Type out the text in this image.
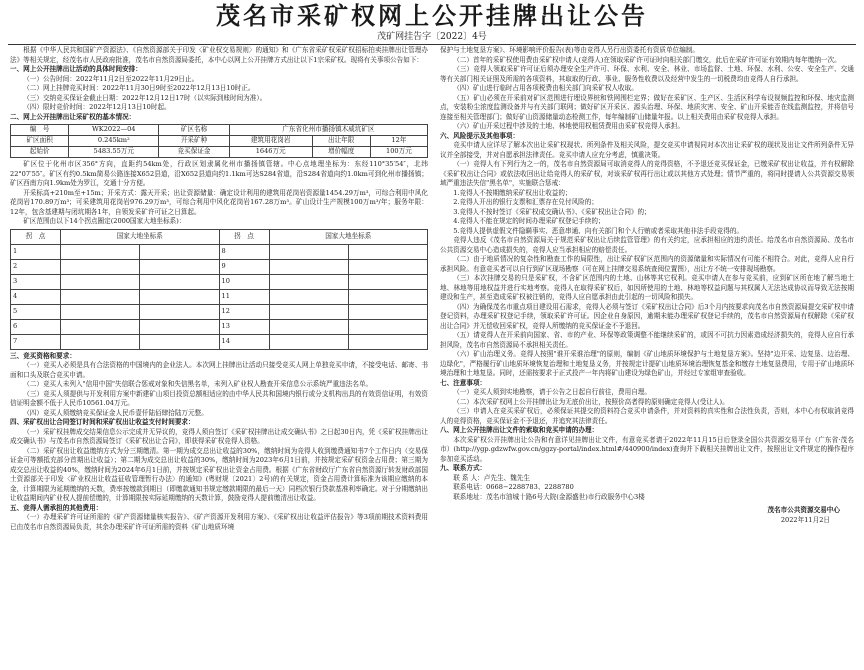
茂名市采矿权网上公开挂牌出让公告
茂矿网挂告字〔2022〕4号

根据《中华人民共和国矿产资源法》、《自然资源部关于印发〈矿业权交易规则〉的通知》和《广东省采矿权采矿权招标拍卖挂牌出让管理办法》等相关规定，经茂名市人民政府批准，茂名市自然资源局委托，本中心以网上公开挂牌方式出让以下1宗采矿权。现将有关事项公告如下：

一、网上公开挂牌出让活动的具体时间安排：

（一）公告时间：2022年11月2日至2022年11月29日止。

（二）网上挂牌竞买时间：2022年11月30日9时至2022年12月13日10时正。

（三）交纳竞买保证金截止日期：2022年12月12日17时（以实际到账时间为准）。

（四）限时竞价时间：2022年12月13日10时起。

二、网上公开挂牌出让采矿权的基本情况：

编　号	WK2022—04	矿区名称	广东省化州市播扬镇木威坑矿区		
矿区面积	0.245km²	开采矿种	建筑用花岗岩	出让年限	12年
起始价	5483.55万元	竞买保证金	1646万元	增价幅度	100万元

矿区位于化州市区356°方向，直距约54km处，行政区划隶属化州市播扬镇管辖。中心点地理坐标为：东经110°35′54″，北纬22°07′55″。矿区有约0.5km简易公路连接X652县道，沿X652县道向约1.1km可达S284省道，沿S284省道向约1.0km可到化州市播扬镇；矿区西南方向1.9km处为罗江，交通十分方便。

开采标高+210m至+15m；开采方式：露天开采；出让资源储量：确定设计利用的建筑用花岗岩资源量1454.29万m³，可综合利用中风化花岗岩170.89万m³；可采建筑用花岗岩976.29万m³，可综合利用中风化花岗岩167.28万m³。矿山设计生产规模100万m³/年；服务年限：12年，包含基建期与闭坑期各1年，自领发采矿许可证之日算起。

矿区范围由以下14个拐点圈定(2000国家大地坐标系)：

拐　点	国家大地坐标系		拐　点	国家大地坐标系	
1			8		
2			9		
3			10		
4			11		
5			12		
6			13		
7			14		

三、竞买资格和要求：

（一）竞买人必须是具有合法资格的中国境内的企业法人。本次网上挂牌出让活动只接受竞买人网上单独竞买申请，不接受电话、邮寄、书面和口头及联合竞买申请。

（二）竞买人未列入"信用中国"失信联合惩戒对象和失信黑名单，未列入矿业权人勘查开采信息公示系统严重违法名单。

（三）竞买人须提供与开发利用方案中新建矿山项目投资总额相适应的由中华人民共和国境内银行或分支机构出具的有效资信证明，有效资信证明金额不低于人民币10561.04万元。

（四）竞买人须缴纳竞买保证金人民币壹仟陆佰肆拾陆万元整。

四、采矿权出让合同签订时间和采矿权出让收益支付时间要求：

（一）采矿权挂牌成交结果信息公示完成并无异议的，竞得人须自签订《采矿权挂牌出让成交确认书》之日起30日内，凭《采矿权挂牌出让成交确认书》与茂名市自然资源局签订《采矿权出让合同》，即获得采矿权竞得人资格。

（二）采矿权出让收益缴纳方式为分三期缴清。第一期为成交总出让收益的30%，缴纳时间为竞得人收到缴费通知书7个工作日内（交易保证金可等额抵充部分首期出让收益）；第二期为成交总出让收益的30%，缴纳时间为2023年6月1日前，并按规定采矿权资金占用费；第三期为成交总出让收益的40%，缴纳时间为2024年6月1日前，并按规定采矿权出让资金占用费。根据《广东省财政厅广东省自然资源厅转发财政部国土资源部关于印发〈矿业权出让收益征收管理暂行办法〉的通知》(粤财规〔2021〕2号)的有关规定，资金占用费计算标准为该期应缴纳的本金，计算期限为延期缴纳的天数，费率按缴款到期日（即缴款通知书规定缴款期限的最后一天）同档次银行贷款基准利率确定。对于分期缴纳出让收益期间内矿业权人提前偿缴的，计算期限按实际延期缴纳的天数计算，鼓励竞得人提前缴清出让收益。

五、竞得人需承担的其他费用：

（一）办理采矿许可证所需的《矿产资源储量核实报告》、《矿产资源开发利用方案》、《采矿权出让收益评估报告》等3项前期技术资料费用已由茂名市自然资源局负责，其余办理采矿许可证所需的资料《矿山地质环境

保护与土地复垦方案》、环境影响评价报告(表)等由竞得人另行出资委托有资质单位编制。

（二）首年的采矿权使用费由采矿权申请人(竞得人)在领取采矿许可证时向相关部门缴交，此后在采矿许可证有效期内每年缴纳一次。

（三）竞得人领取采矿许可证后须办理安全生产许可、环保、水利、安全、林业、市场监督、土地、环保、水利、公安、安全生产、交通等有关部门相关证照及所需的各项资料，其取取的行政、事业、服务性收费以及经营中发生的一切税费均由竞得人自行承担。

（四）矿山进行临时占用各项税费由相关部门向采矿权人收取。

（五）矿山必须在开采前对矿区范围进行埋设界桩和铁网围栏定界；做好在采矿区、生产区、生活区科学布设视频监控和环保、地灾监测点，安装粉尘浓度监测设备并与有关部门联网；做好矿区开采区、源头治理、环保、地质灾害、安全、矿山开采能否在线监测监控，并将信号连接至相关管理部门；做好矿山资源储量动态检测工作，每年编制矿山储量年报。以上相关费用由采矿权竞得人承担。

（六）矿山开采过程中涉及的土地、林地使用权租赁费用由采矿权竞得人承担。

六、风险提示及其他事项：

竞买申请人应详尽了解本次出让采矿权现状、所列条件及相关风险，提交竞买申请视同对本次出让采矿权的现状及出让文件所列条件无异议并全部接受，并对自愿承担法律责任。竞买申请人应充分考虑，慎重决策。

（一）竞得人有下列行为之一的，茂名市自然资源局可取消竞得人的竞得资格，不予退还竞买保证金，已缴采矿权出让收益，并有权解除《采矿权出让合同》或依法收回出让给竞得人的采矿权，对该采矿权再行出让或以其他方式处理；情节严重的，将同时提请人公共资源交易领域严重违法失信"黑名单"，实施联合惩戒：

1.竞得人不按期缴纳采矿权出让收益的；

2.竞得人开出的银行支票和汇票存在兑付风险的；

3.竞得人不按时签订《采矿权成交确认书》、《采矿权出让合同》的；

4.竞得人不能在规定的时间办理采矿权登记手续的；

5.竞得人提供虚假文件隐瞒事实、恶意串通、向有关部门和个人行贿或者采取其他非法手段竞得的。

竞得人违反《茂名市自然资源局关于规范采矿权出让后续监管管理》的有关约定，应承担相应的违约责任。给茂名市自然资源局、茂名市公共资源交易中心造成损失的，竞得人应当承担相应的赔偿责任。

（二）由于地质情况的复杂性和勘查工作的局限性，出让采矿权矿区范围内的资源储量和实际情况有可能不相符合。对此，竞得人应自行承担风险。有意竞买者可以自行到矿区现场勘察（可在网上挂牌交易系统查阅位置图），出让方不统一安排现场勘察。

（三）本次挂牌交易的只是采矿权，不含矿区范围内的土地、山林等其它权利。竞买申请人在参与竞买前，应到矿区所在地了解当地土地、林地等用地权益并进行实地考察。竞得人在取得采矿权后，如因所使用的土地、林地等权益问题与其权属人无法达成协议而导致无法按期建设和生产，甚至造成采矿权被注销的，竞得人应自愿承担由此引起的一切风险和损失。

（四）为确保茂名市重点项目建设用石需求，竞得人必须与签订《采矿权出让合同》后3个月内按要求向茂名市自然资源局提交采矿权申请登记资料，办理采矿权登记手续，领取采矿许可证。因企业自身原因，逾期未能办理采矿权登记手续的，茂名市自然资源局有权解除《采矿权出让合同》并无偿收回采矿权，竞得人所缴纳的竞买保证金不予退回。

（五）请竞得人在开采前向国家、省、市的产业、环保等政策调整不能继续采矿的，或因不可抗力因素造成经济损失的，竞得人应自行承担风险，茂名市自然资源局不承担相关责任。

（六）矿山治理义务。竞得人按照"谁开采谁治理"的原则，编制《矿山地质环境保护与土地复垦方案》。坚持"边开采、边复垦、边治理、边绿化"，严格履行矿山地质环境恢复治理和土地复垦义务，并按规定计提矿山地质环境治理恢复基金和缴存土地复垦费用，专用于矿山地质环境治理和土地复垦。同时，还需按要求于正式投产一年内将矿山建设为绿色矿山，并经过专家组审查验收。

七、注意事项：

（一）竞买人须到实地勘察，请于公告之日起自行前往，费用自理。

（二）本次采矿权网上公开挂牌出让为无底价出让，按照价高者得的原则确定竞得人(受让人)。

（三）申请人在竞买采矿权后，必须保证其提交的资料符合竞买申请条件，并对资料的真实性和合法性负责，否则，本中心有权取消竞得人的竞得资格，竞买保证金不予退还，并追究其法律责任。

八、网上公开挂牌出让文件的索取和竞买申请的办理：

本次采矿权公开挂牌出让公告和有意详见挂牌出让文件，有意竞买者请于2022年11月15日后登录全国公共资源交易平台（广东省·茂名市）(http://ygp.gdzwfw.gov.cn/ggzy-portal/index.html#/440900/index)查询并下载相关挂牌出让文件，按照出让文件规定的操作程序参加竞买活动。

九、联系方式：

联 系 人：卢先生、魏先生

联系电话：0668−2288783、2288780

联系地址：茂名市油城十路6号大院(金源盛世)市行政服务中心3楼

茂名市公共资源交易中心

2022年11月2日
